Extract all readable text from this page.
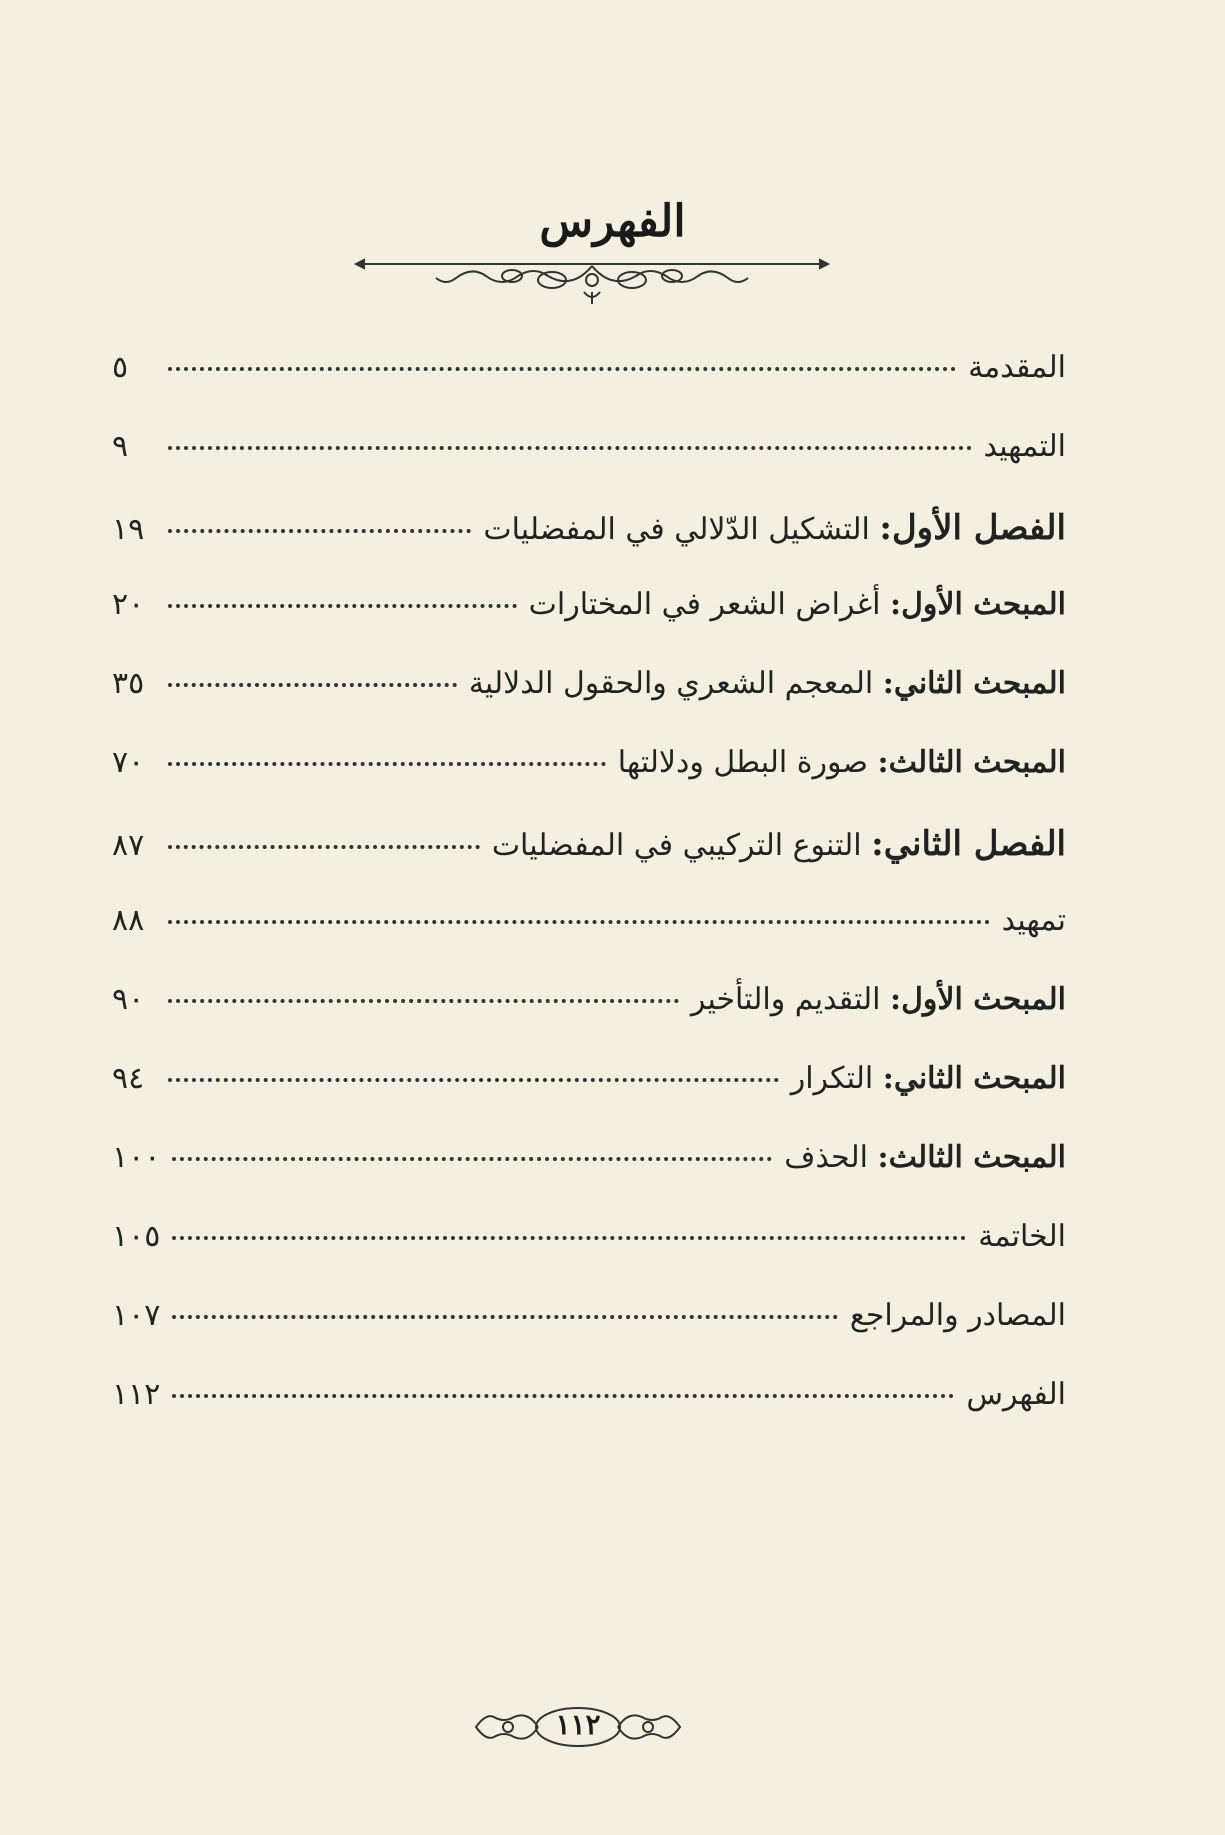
الفهرس
المقدمة
٥
التمهيد
٩
الفصل الأول: التشكيل الدّلالي في المفضليات
١٩
المبحث الأول: أغراض الشعر في المختارات
٢٠
المبحث الثاني: المعجم الشعري والحقول الدلالية
٣٥
المبحث الثالث: صورة البطل ودلالتها
٧٠
الفصل الثاني: التنوع التركيبي في المفضليات
٨٧
تمهيد
٨٨
المبحث الأول: التقديم والتأخير
٩٠
المبحث الثاني: التكرار
٩٤
المبحث الثالث: الحذف
١٠٠
الخاتمة
١٠٥
المصادر والمراجع
١٠٧
الفهرس
١١٢
١١٢
